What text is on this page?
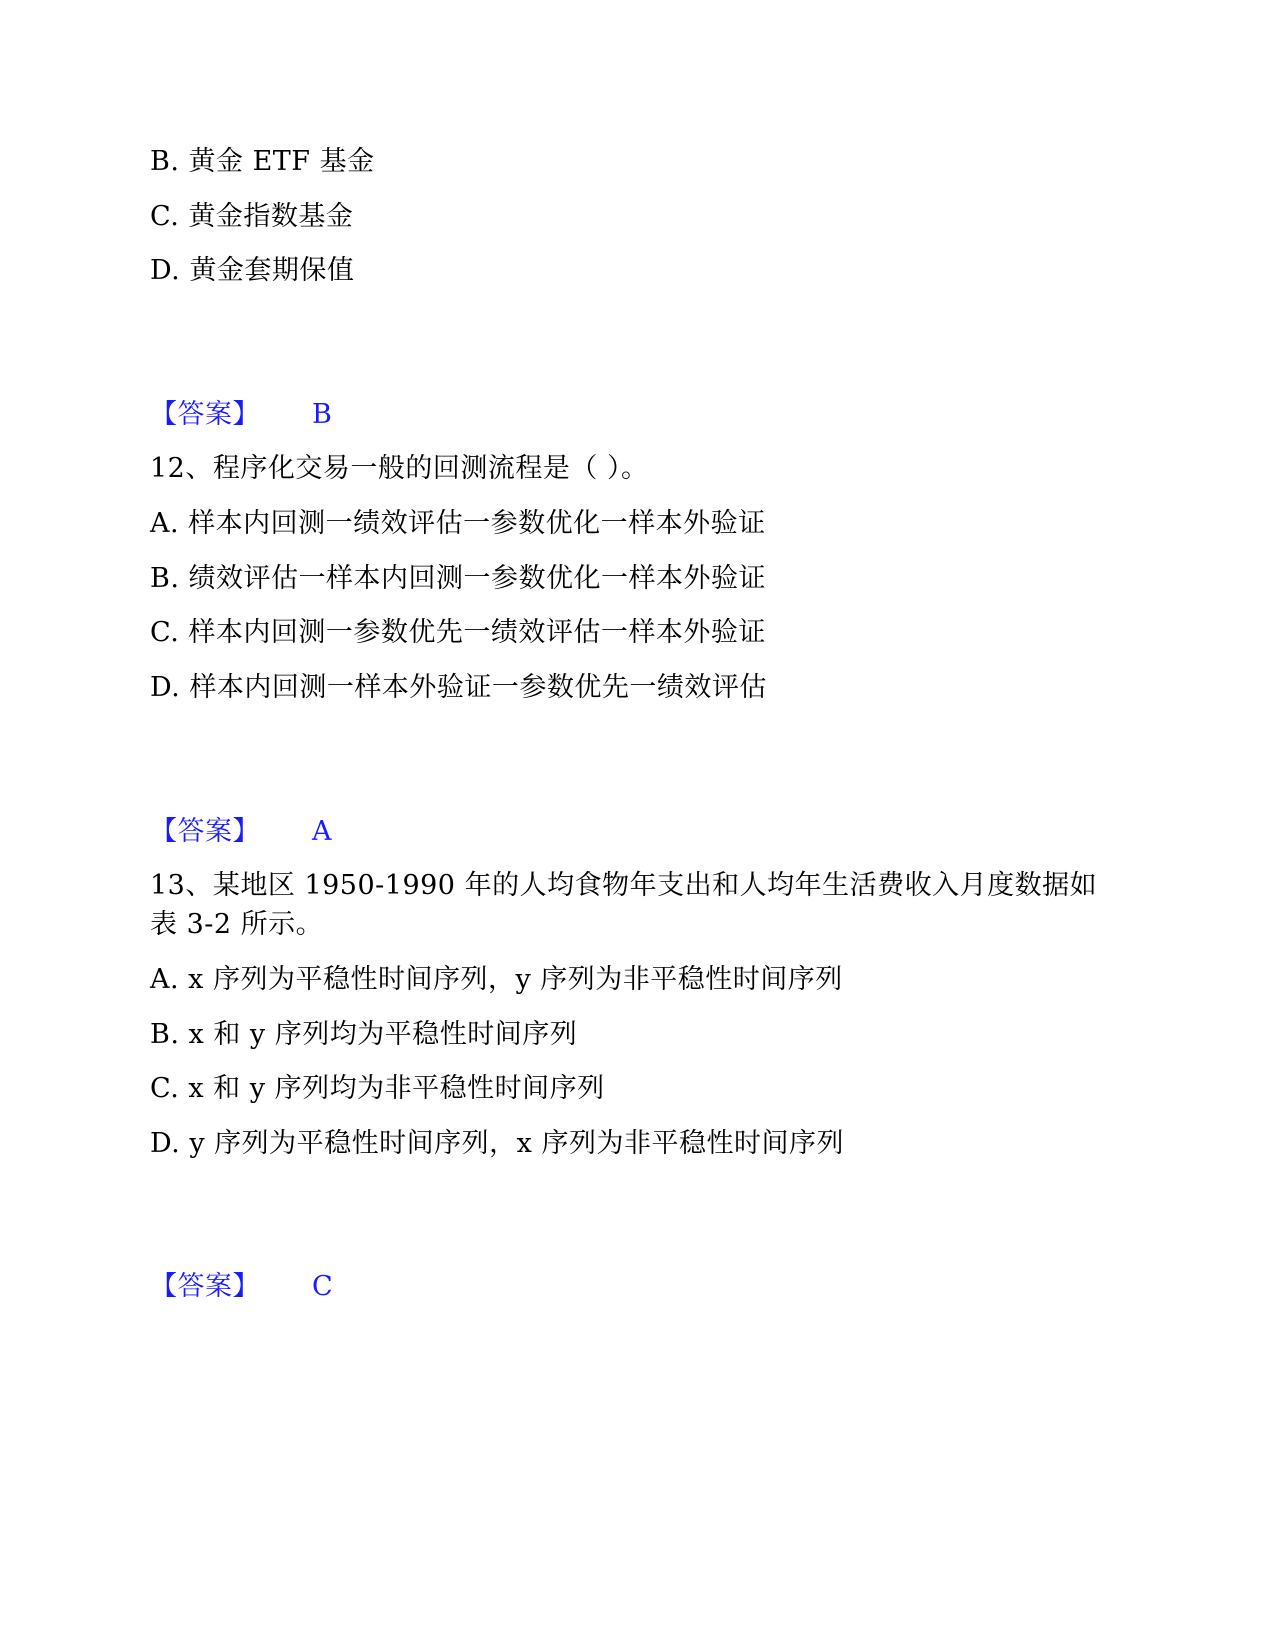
B. 黄金 ETF 基金
C. 黄金指数基金
D. 黄金套期保值
【答案】 B
12、程序化交易一般的回测流程是（ ）。
A. 样本内回测一绩效评估一参数优化一样本外验证
B. 绩效评估一样本内回测一参数优化一样本外验证
C. 样本内回测一参数优先一绩效评估一样本外验证
D. 样本内回测一样本外验证一参数优先一绩效评估
【答案】 A
13、某地区 1950-1990 年的人均食物年支出和人均年生活费收入月度数据如
表 3-2 所示。
A. x 序列为平稳性时间序列，y 序列为非平稳性时间序列
B. x 和 y 序列均为平稳性时间序列
C. x 和 y 序列均为非平稳性时间序列
D. y 序列为平稳性时间序列，x 序列为非平稳性时间序列
【答案】 C
